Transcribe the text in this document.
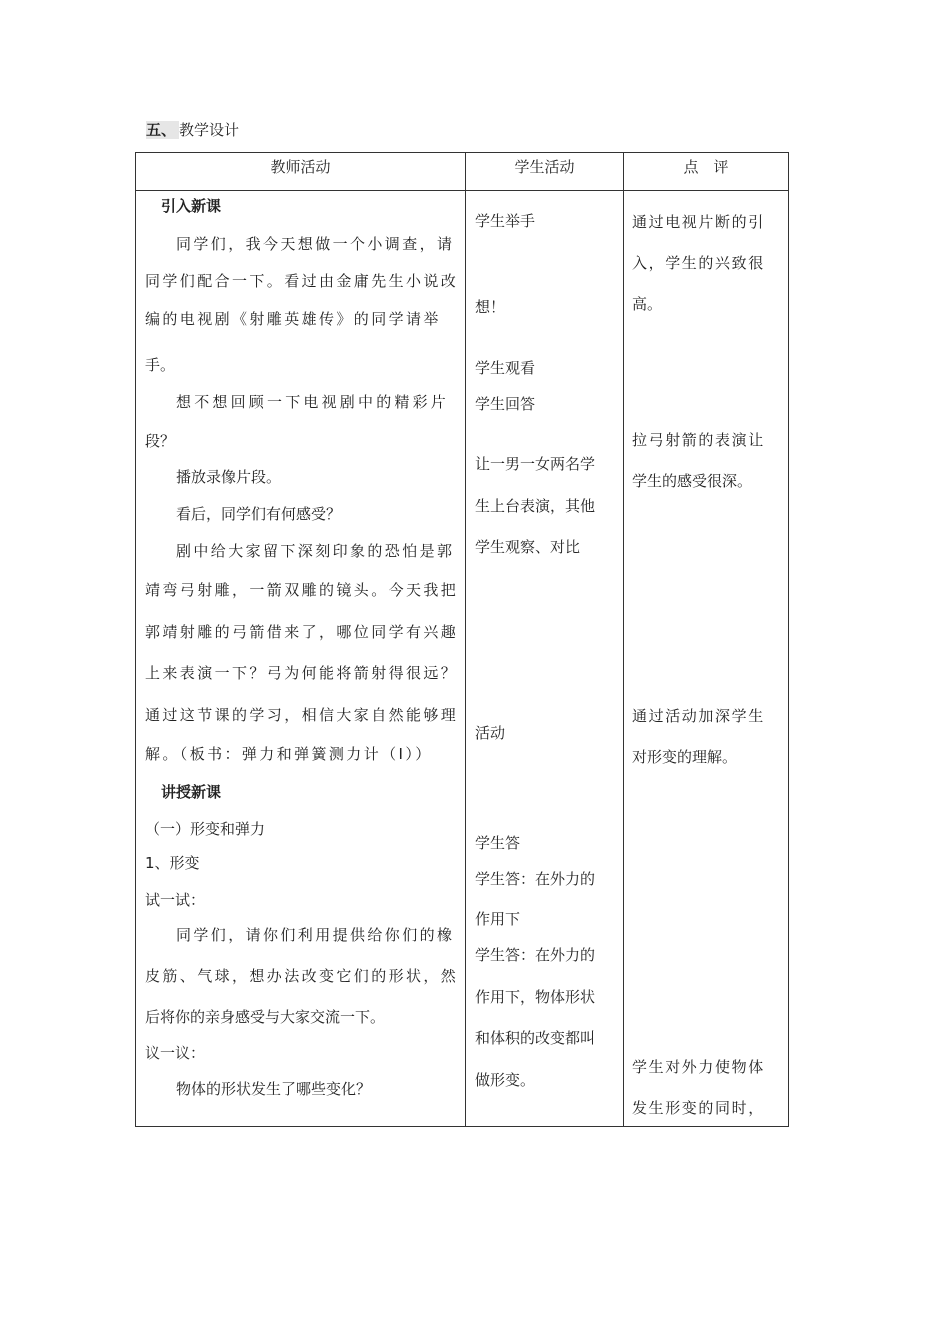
五、 教学设计
教师活动	学生活动	点　评
引入新课
同学们，我今天想做一个小调查，请
同学们配合一下。看过由金庸先生小说改
编的电视剧《射雕英雄传》的同学请举
手。
想不想回顾一下电视剧中的精彩片
段？
播放录像片段。
看后，同学们有何感受？
剧中给大家留下深刻印象的恐怕是郭
靖弯弓射雕，一箭双雕的镜头。今天我把
郭靖射雕的弓箭借来了，哪位同学有兴趣
上来表演一下？弓为何能将箭射得很远？
通过这节课的学习，相信大家自然能够理
解。（板书：弹力和弹簧测力计（I））
讲授新课
（一）形变和弹力
1、形变
试一试：
同学们，请你们利用提供给你们的橡
皮筋、气球，想办法改变它们的形状，然
后将你的亲身感受与大家交流一下。
议一议：
物体的形状发生了哪些变化？
学生举手
想！
学生观看
学生回答
让一男一女两名学
生上台表演，其他
学生观察、对比
活动
学生答
学生答：在外力的
作用下
学生答：在外力的
作用下，物体形状
和体积的改变都叫
做形变。
通过电视片断的引
入，学生的兴致很
高。
拉弓射箭的表演让
学生的感受很深。
通过活动加深学生
对形变的理解。
学生对外力使物体
发生形变的同时，
